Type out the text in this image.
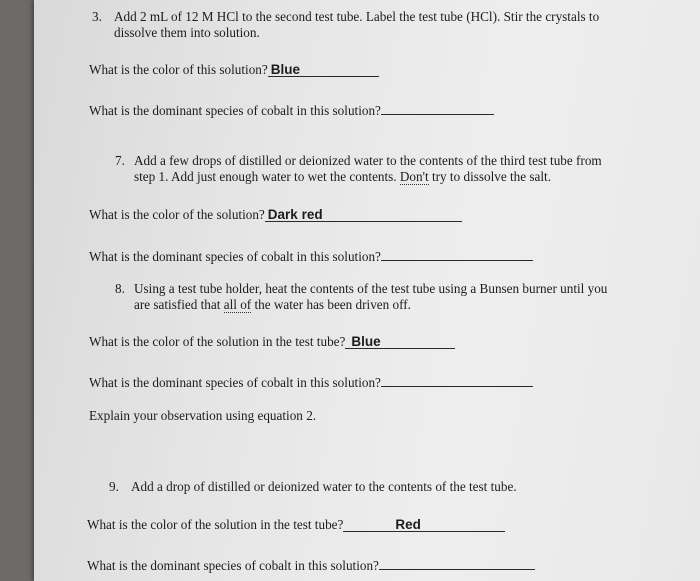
3. Add 2 mL of 12 M HCl to the second test tube. Label the test tube (HCl). Stir the crystals to
dissolve them into solution.
What is the color of this solution? Blue
What is the dominant species of cobalt in this solution?
7. Add a few drops of distilled or deionized water to the contents of the third test tube from
step 1. Add just enough water to wet the contents. Don't try to dissolve the salt.
What is the color of the solution? Dark red
What is the dominant species of cobalt in this solution?
8. Using a test tube holder, heat the contents of the test tube using a Bunsen burner until you
are satisfied that all of the water has been driven off.
What is the color of the solution in the test tube? Blue
What is the dominant species of cobalt in this solution?
Explain your observation using equation 2.
9. Add a drop of distilled or deionized water to the contents of the test tube.
What is the color of the solution in the test tube?	Red
What is the dominant species of cobalt in this solution?
